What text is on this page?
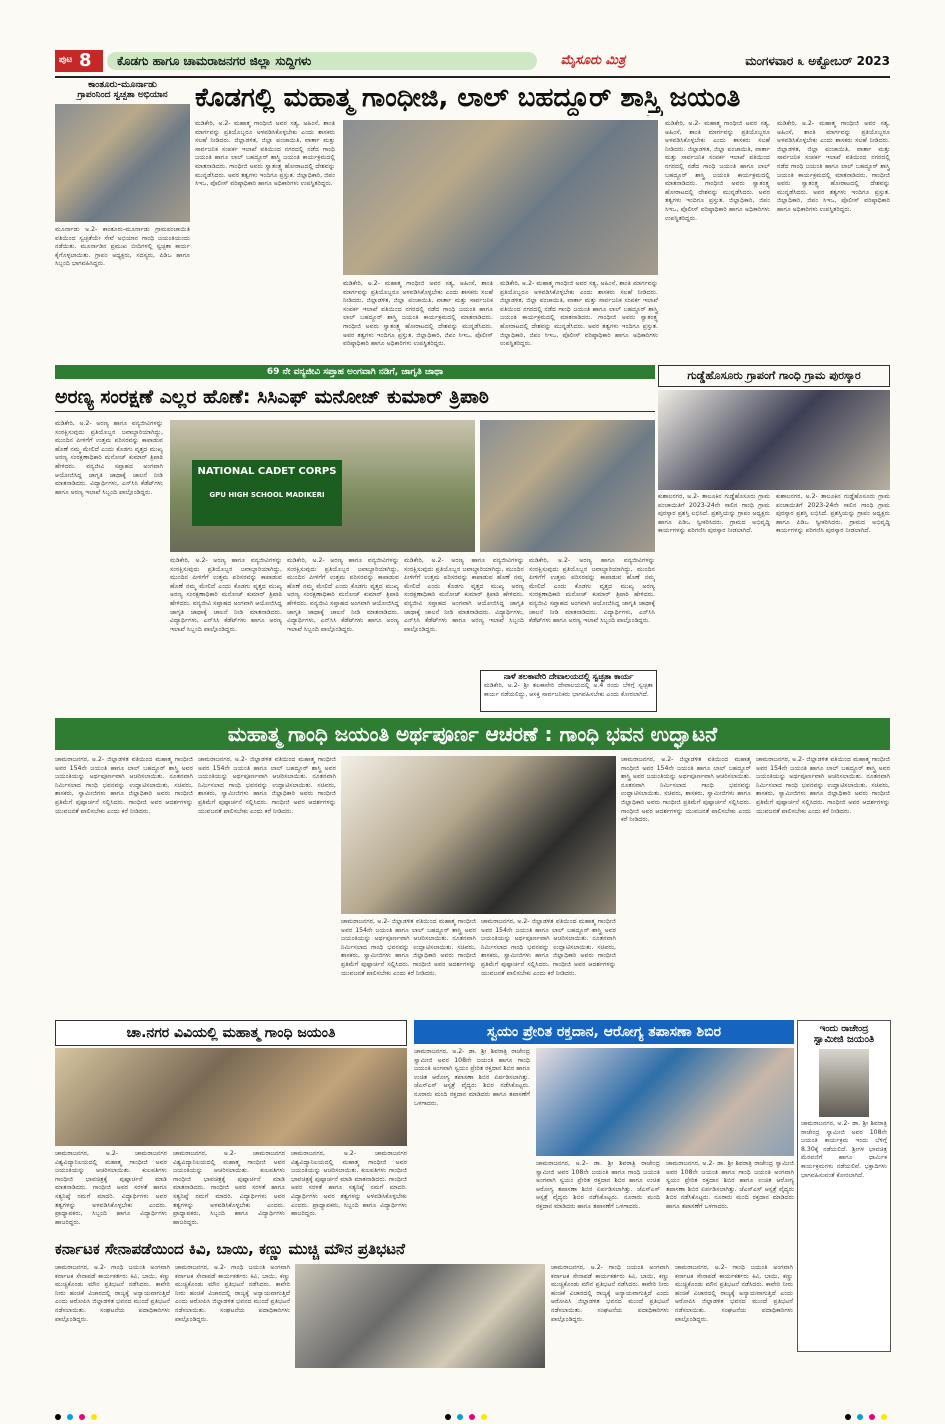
ಪುಟ 8	ಕೊಡಗು ಹಾಗೂ ಚಾಮರಾಜನಗರ ಜಿಲ್ಲಾ ಸುದ್ದಿಗಳು	ಮೈಸೂರು ಮಿತ್ರ	ಮಂಗಳವಾರ ೩ ಅಕ್ಟೋಬರ್ 2023
ಕಾಂತೂರು-ಮೂರ್ನಾಡು
ಗ್ರಾಪಂನಿಂದ ಸ್ವಚ್ಛತಾ ಅಭಿಯಾನ
ಮೂರ್ನಾಡು ಅ.2- ಕಾಂತೂರು-ಮೂರ್ನಾಡು ಗ್ರಾಮಪಂಚಾಯಿತಿ ವತಿಯಿಂದ ಸ್ವಚ್ಛತೆಯೇ ಸೇವೆ ಅಭಿಯಾನ ಗಾಂಧಿ ಜಯಂತಿಯಂದು ನಡೆಯಿತು. ಮೂರ್ನಾಡಿನ ಪ್ರಮುಖ ಬೀದಿಗಳಲ್ಲಿ ಸ್ವಚ್ಛತಾ ಕಾರ್ಯ ಕೈಗೊಳ್ಳಲಾಯಿತು. ಗ್ರಾಪಂ ಅಧ್ಯಕ್ಷರು, ಸದಸ್ಯರು, ಪಿಡಿಒ ಹಾಗೂ ಸಿಬ್ಬಂದಿ ಭಾಗವಹಿಸಿದ್ದರು.
ಕೊಡಗಲ್ಲಿ ಮಹಾತ್ಮ ಗಾಂಧೀಜಿ, ಲಾಲ್ ಬಹದ್ದೂರ್ ಶಾಸ್ತ್ರಿ ಜಯಂತಿ
ಮಡಿಕೇರಿ, ಅ.2- ಮಹಾತ್ಮ ಗಾಂಧೀಜಿ ಅವರ ಸತ್ಯ, ಅಹಿಂಸೆ, ಶಾಂತಿ ಮಾರ್ಗವನ್ನು ಪ್ರತಿಯೊಬ್ಬರೂ ಅಳವಡಿಸಿಕೊಳ್ಳಬೇಕು ಎಂದು ಶಾಸಕರು ಸಲಹೆ ನೀಡಿದರು. ಜಿಲ್ಲಾಡಳಿತ, ಜಿಲ್ಲಾ ಪಂಚಾಯಿತಿ, ವಾರ್ತಾ ಮತ್ತು ಸಾರ್ವಜನಿಕ ಸಂಪರ್ಕ ಇಲಾಖೆ ವತಿಯಿಂದ ನಗರದಲ್ಲಿ ನಡೆದ ಗಾಂಧಿ ಜಯಂತಿ ಹಾಗೂ ಲಾಲ್ ಬಹದ್ದೂರ್ ಶಾಸ್ತ್ರಿ ಜಯಂತಿ ಕಾರ್ಯಕ್ರಮದಲ್ಲಿ ಮಾತನಾಡಿದರು. ಗಾಂಧೀಜಿ ಅವರು ಸ್ವಾತಂತ್ರ್ಯ ಹೋರಾಟದಲ್ಲಿ ದೇಶವನ್ನು ಮುನ್ನಡೆಸಿದರು. ಅವರ ತತ್ವಗಳು ಇಂದಿಗೂ ಪ್ರಸ್ತುತ. ಜಿಲ್ಲಾಧಿಕಾರಿ, ಜಿಪಂ ಸಿಇಒ, ಪೊಲೀಸ್ ವರಿಷ್ಠಾಧಿಕಾರಿ ಹಾಗೂ ಅಧಿಕಾರಿಗಳು ಉಪಸ್ಥಿತರಿದ್ದರು.
ಮಡಿಕೇರಿ, ಅ.2- ಮಹಾತ್ಮ ಗಾಂಧೀಜಿ ಅವರ ಸತ್ಯ, ಅಹಿಂಸೆ, ಶಾಂತಿ ಮಾರ್ಗವನ್ನು ಪ್ರತಿಯೊಬ್ಬರೂ ಅಳವಡಿಸಿಕೊಳ್ಳಬೇಕು ಎಂದು ಶಾಸಕರು ಸಲಹೆ ನೀಡಿದರು. ಜಿಲ್ಲಾಡಳಿತ, ಜಿಲ್ಲಾ ಪಂಚಾಯಿತಿ, ವಾರ್ತಾ ಮತ್ತು ಸಾರ್ವಜನಿಕ ಸಂಪರ್ಕ ಇಲಾಖೆ ವತಿಯಿಂದ ನಗರದಲ್ಲಿ ನಡೆದ ಗಾಂಧಿ ಜಯಂತಿ ಹಾಗೂ ಲಾಲ್ ಬಹದ್ದೂರ್ ಶಾಸ್ತ್ರಿ ಜಯಂತಿ ಕಾರ್ಯಕ್ರಮದಲ್ಲಿ ಮಾತನಾಡಿದರು. ಗಾಂಧೀಜಿ ಅವರು ಸ್ವಾತಂತ್ರ್ಯ ಹೋರಾಟದಲ್ಲಿ ದೇಶವನ್ನು ಮುನ್ನಡೆಸಿದರು. ಅವರ ತತ್ವಗಳು ಇಂದಿಗೂ ಪ್ರಸ್ತುತ. ಜಿಲ್ಲಾಧಿಕಾರಿ, ಜಿಪಂ ಸಿಇಒ, ಪೊಲೀಸ್ ವರಿಷ್ಠಾಧಿಕಾರಿ ಹಾಗೂ ಅಧಿಕಾರಿಗಳು ಉಪಸ್ಥಿತರಿದ್ದರು.
ಮಡಿಕೇರಿ, ಅ.2- ಮಹಾತ್ಮ ಗಾಂಧೀಜಿ ಅವರ ಸತ್ಯ, ಅಹಿಂಸೆ, ಶಾಂತಿ ಮಾರ್ಗವನ್ನು ಪ್ರತಿಯೊಬ್ಬರೂ ಅಳವಡಿಸಿಕೊಳ್ಳಬೇಕು ಎಂದು ಶಾಸಕರು ಸಲಹೆ ನೀಡಿದರು. ಜಿಲ್ಲಾಡಳಿತ, ಜಿಲ್ಲಾ ಪಂಚಾಯಿತಿ, ವಾರ್ತಾ ಮತ್ತು ಸಾರ್ವಜನಿಕ ಸಂಪರ್ಕ ಇಲಾಖೆ ವತಿಯಿಂದ ನಗರದಲ್ಲಿ ನಡೆದ ಗಾಂಧಿ ಜಯಂತಿ ಹಾಗೂ ಲಾಲ್ ಬಹದ್ದೂರ್ ಶಾಸ್ತ್ರಿ ಜಯಂತಿ ಕಾರ್ಯಕ್ರಮದಲ್ಲಿ ಮಾತನಾಡಿದರು. ಗಾಂಧೀಜಿ ಅವರು ಸ್ವಾತಂತ್ರ್ಯ ಹೋರಾಟದಲ್ಲಿ ದೇಶವನ್ನು ಮುನ್ನಡೆಸಿದರು. ಅವರ ತತ್ವಗಳು ಇಂದಿಗೂ ಪ್ರಸ್ತುತ. ಜಿಲ್ಲಾಧಿಕಾರಿ, ಜಿಪಂ ಸಿಇಒ, ಪೊಲೀಸ್ ವರಿಷ್ಠಾಧಿಕಾರಿ ಹಾಗೂ ಅಧಿಕಾರಿಗಳು ಉಪಸ್ಥಿತರಿದ್ದರು.
ಮಡಿಕೇರಿ, ಅ.2- ಮಹಾತ್ಮ ಗಾಂಧೀಜಿ ಅವರ ಸತ್ಯ, ಅಹಿಂಸೆ, ಶಾಂತಿ ಮಾರ್ಗವನ್ನು ಪ್ರತಿಯೊಬ್ಬರೂ ಅಳವಡಿಸಿಕೊಳ್ಳಬೇಕು ಎಂದು ಶಾಸಕರು ಸಲಹೆ ನೀಡಿದರು. ಜಿಲ್ಲಾಡಳಿತ, ಜಿಲ್ಲಾ ಪಂಚಾಯಿತಿ, ವಾರ್ತಾ ಮತ್ತು ಸಾರ್ವಜನಿಕ ಸಂಪರ್ಕ ಇಲಾಖೆ ವತಿಯಿಂದ ನಗರದಲ್ಲಿ ನಡೆದ ಗಾಂಧಿ ಜಯಂತಿ ಹಾಗೂ ಲಾಲ್ ಬಹದ್ದೂರ್ ಶಾಸ್ತ್ರಿ ಜಯಂತಿ ಕಾರ್ಯಕ್ರಮದಲ್ಲಿ ಮಾತನಾಡಿದರು. ಗಾಂಧೀಜಿ ಅವರು ಸ್ವಾತಂತ್ರ್ಯ ಹೋರಾಟದಲ್ಲಿ ದೇಶವನ್ನು ಮುನ್ನಡೆಸಿದರು. ಅವರ ತತ್ವಗಳು ಇಂದಿಗೂ ಪ್ರಸ್ತುತ. ಜಿಲ್ಲಾಧಿಕಾರಿ, ಜಿಪಂ ಸಿಇಒ, ಪೊಲೀಸ್ ವರಿಷ್ಠಾಧಿಕಾರಿ ಹಾಗೂ ಅಧಿಕಾರಿಗಳು ಉಪಸ್ಥಿತರಿದ್ದರು.
ಮಡಿಕೇರಿ, ಅ.2- ಮಹಾತ್ಮ ಗಾಂಧೀಜಿ ಅವರ ಸತ್ಯ, ಅಹಿಂಸೆ, ಶಾಂತಿ ಮಾರ್ಗವನ್ನು ಪ್ರತಿಯೊಬ್ಬರೂ ಅಳವಡಿಸಿಕೊಳ್ಳಬೇಕು ಎಂದು ಶಾಸಕರು ಸಲಹೆ ನೀಡಿದರು. ಜಿಲ್ಲಾಡಳಿತ, ಜಿಲ್ಲಾ ಪಂಚಾಯಿತಿ, ವಾರ್ತಾ ಮತ್ತು ಸಾರ್ವಜನಿಕ ಸಂಪರ್ಕ ಇಲಾಖೆ ವತಿಯಿಂದ ನಗರದಲ್ಲಿ ನಡೆದ ಗಾಂಧಿ ಜಯಂತಿ ಹಾಗೂ ಲಾಲ್ ಬಹದ್ದೂರ್ ಶಾಸ್ತ್ರಿ ಜಯಂತಿ ಕಾರ್ಯಕ್ರಮದಲ್ಲಿ ಮಾತನಾಡಿದರು. ಗಾಂಧೀಜಿ ಅವರು ಸ್ವಾತಂತ್ರ್ಯ ಹೋರಾಟದಲ್ಲಿ ದೇಶವನ್ನು ಮುನ್ನಡೆಸಿದರು. ಅವರ ತತ್ವಗಳು ಇಂದಿಗೂ ಪ್ರಸ್ತುತ. ಜಿಲ್ಲಾಧಿಕಾರಿ, ಜಿಪಂ ಸಿಇಒ, ಪೊಲೀಸ್ ವರಿಷ್ಠಾಧಿಕಾರಿ ಹಾಗೂ ಅಧಿಕಾರಿಗಳು ಉಪಸ್ಥಿತರಿದ್ದರು.
69 ನೇ ವನ್ಯಜೀವಿ ಸಪ್ತಾಹ ಅಂಗವಾಗಿ ನಡಿಗೆ, ಜಾಗೃತಿ ಜಾಥಾ
ಅರಣ್ಯ ಸಂರಕ್ಷಣೆ ಎಲ್ಲರ ಹೊಣೆ: ಸಿಸಿಎಫ್ ಮನೋಜ್ ಕುಮಾರ್ ತ್ರಿಪಾಠಿ
ಮಡಿಕೇರಿ, ಅ.2- ಅರಣ್ಯ ಹಾಗೂ ವನ್ಯಜೀವಿಗಳನ್ನು ಸಂರಕ್ಷಿಸುವುದು ಪ್ರತಿಯೊಬ್ಬರ ಜವಾಬ್ದಾರಿಯಾಗಿದ್ದು, ಮುಂದಿನ ಪೀಳಿಗೆಗೆ ಉತ್ತಮ ಪರಿಸರವನ್ನು ಕಾಪಾಡುವ ಹೊಣೆ ನಮ್ಮ ಮೇಲಿದೆ ಎಂದು ಕೊಡಗು ವೃತ್ತದ ಮುಖ್ಯ ಅರಣ್ಯ ಸಂರಕ್ಷಣಾಧಿಕಾರಿ ಮನೋಜ್ ಕುಮಾರ್ ತ್ರಿಪಾಠಿ ಹೇಳಿದರು. ವನ್ಯಜೀವಿ ಸಪ್ತಾಹದ ಅಂಗವಾಗಿ ಆಯೋಜಿಸಿದ್ದ ಜಾಗೃತಿ ಜಾಥಾಕ್ಕೆ ಚಾಲನೆ ನೀಡಿ ಮಾತನಾಡಿದರು. ವಿದ್ಯಾರ್ಥಿಗಳು, ಎನ್‌ಸಿಸಿ ಕೆಡೆಟ್‌ಗಳು ಹಾಗೂ ಅರಣ್ಯ ಇಲಾಖೆ ಸಿಬ್ಬಂದಿ ಪಾಲ್ಗೊಂಡಿದ್ದರು.
NATIONAL CADET CORPS
GPU HIGH SCHOOL MADIKERI
ಮಡಿಕೇರಿ, ಅ.2- ಅರಣ್ಯ ಹಾಗೂ ವನ್ಯಜೀವಿಗಳನ್ನು ಸಂರಕ್ಷಿಸುವುದು ಪ್ರತಿಯೊಬ್ಬರ ಜವಾಬ್ದಾರಿಯಾಗಿದ್ದು, ಮುಂದಿನ ಪೀಳಿಗೆಗೆ ಉತ್ತಮ ಪರಿಸರವನ್ನು ಕಾಪಾಡುವ ಹೊಣೆ ನಮ್ಮ ಮೇಲಿದೆ ಎಂದು ಕೊಡಗು ವೃತ್ತದ ಮುಖ್ಯ ಅರಣ್ಯ ಸಂರಕ್ಷಣಾಧಿಕಾರಿ ಮನೋಜ್ ಕುಮಾರ್ ತ್ರಿಪಾಠಿ ಹೇಳಿದರು. ವನ್ಯಜೀವಿ ಸಪ್ತಾಹದ ಅಂಗವಾಗಿ ಆಯೋಜಿಸಿದ್ದ ಜಾಗೃತಿ ಜಾಥಾಕ್ಕೆ ಚಾಲನೆ ನೀಡಿ ಮಾತನಾಡಿದರು. ವಿದ್ಯಾರ್ಥಿಗಳು, ಎನ್‌ಸಿಸಿ ಕೆಡೆಟ್‌ಗಳು ಹಾಗೂ ಅರಣ್ಯ ಇಲಾಖೆ ಸಿಬ್ಬಂದಿ ಪಾಲ್ಗೊಂಡಿದ್ದರು.
ಮಡಿಕೇರಿ, ಅ.2- ಅರಣ್ಯ ಹಾಗೂ ವನ್ಯಜೀವಿಗಳನ್ನು ಸಂರಕ್ಷಿಸುವುದು ಪ್ರತಿಯೊಬ್ಬರ ಜವಾಬ್ದಾರಿಯಾಗಿದ್ದು, ಮುಂದಿನ ಪೀಳಿಗೆಗೆ ಉತ್ತಮ ಪರಿಸರವನ್ನು ಕಾಪಾಡುವ ಹೊಣೆ ನಮ್ಮ ಮೇಲಿದೆ ಎಂದು ಕೊಡಗು ವೃತ್ತದ ಮುಖ್ಯ ಅರಣ್ಯ ಸಂರಕ್ಷಣಾಧಿಕಾರಿ ಮನೋಜ್ ಕುಮಾರ್ ತ್ರಿಪಾಠಿ ಹೇಳಿದರು. ವನ್ಯಜೀವಿ ಸಪ್ತಾಹದ ಅಂಗವಾಗಿ ಆಯೋಜಿಸಿದ್ದ ಜಾಗೃತಿ ಜಾಥಾಕ್ಕೆ ಚಾಲನೆ ನೀಡಿ ಮಾತನಾಡಿದರು. ವಿದ್ಯಾರ್ಥಿಗಳು, ಎನ್‌ಸಿಸಿ ಕೆಡೆಟ್‌ಗಳು ಹಾಗೂ ಅರಣ್ಯ ಇಲಾಖೆ ಸಿಬ್ಬಂದಿ ಪಾಲ್ಗೊಂಡಿದ್ದರು.
ಮಡಿಕೇರಿ, ಅ.2- ಅರಣ್ಯ ಹಾಗೂ ವನ್ಯಜೀವಿಗಳನ್ನು ಸಂರಕ್ಷಿಸುವುದು ಪ್ರತಿಯೊಬ್ಬರ ಜವಾಬ್ದಾರಿಯಾಗಿದ್ದು, ಮುಂದಿನ ಪೀಳಿಗೆಗೆ ಉತ್ತಮ ಪರಿಸರವನ್ನು ಕಾಪಾಡುವ ಹೊಣೆ ನಮ್ಮ ಮೇಲಿದೆ ಎಂದು ಕೊಡಗು ವೃತ್ತದ ಮುಖ್ಯ ಅರಣ್ಯ ಸಂರಕ್ಷಣಾಧಿಕಾರಿ ಮನೋಜ್ ಕುಮಾರ್ ತ್ರಿಪಾಠಿ ಹೇಳಿದರು. ವನ್ಯಜೀವಿ ಸಪ್ತಾಹದ ಅಂಗವಾಗಿ ಆಯೋಜಿಸಿದ್ದ ಜಾಗೃತಿ ಜಾಥಾಕ್ಕೆ ಚಾಲನೆ ನೀಡಿ ಮಾತನಾಡಿದರು. ವಿದ್ಯಾರ್ಥಿಗಳು, ಎನ್‌ಸಿಸಿ ಕೆಡೆಟ್‌ಗಳು ಹಾಗೂ ಅರಣ್ಯ ಇಲಾಖೆ ಸಿಬ್ಬಂದಿ ಪಾಲ್ಗೊಂಡಿದ್ದರು.
ಮಡಿಕೇರಿ, ಅ.2- ಅರಣ್ಯ ಹಾಗೂ ವನ್ಯಜೀವಿಗಳನ್ನು ಸಂರಕ್ಷಿಸುವುದು ಪ್ರತಿಯೊಬ್ಬರ ಜವಾಬ್ದಾರಿಯಾಗಿದ್ದು, ಮುಂದಿನ ಪೀಳಿಗೆಗೆ ಉತ್ತಮ ಪರಿಸರವನ್ನು ಕಾಪಾಡುವ ಹೊಣೆ ನಮ್ಮ ಮೇಲಿದೆ ಎಂದು ಕೊಡಗು ವೃತ್ತದ ಮುಖ್ಯ ಅರಣ್ಯ ಸಂರಕ್ಷಣಾಧಿಕಾರಿ ಮನೋಜ್ ಕುಮಾರ್ ತ್ರಿಪಾಠಿ ಹೇಳಿದರು. ವನ್ಯಜೀವಿ ಸಪ್ತಾಹದ ಅಂಗವಾಗಿ ಆಯೋಜಿಸಿದ್ದ ಜಾಗೃತಿ ಜಾಥಾಕ್ಕೆ ಚಾಲನೆ ನೀಡಿ ಮಾತನಾಡಿದರು. ವಿದ್ಯಾರ್ಥಿಗಳು, ಎನ್‌ಸಿಸಿ ಕೆಡೆಟ್‌ಗಳು ಹಾಗೂ ಅರಣ್ಯ ಇಲಾಖೆ ಸಿಬ್ಬಂದಿ ಪಾಲ್ಗೊಂಡಿದ್ದರು.
ಗುಡ್ಡೆಹೊಸೂರು ಗ್ರಾಪಂಗೆ ಗಾಂಧಿ ಗ್ರಾಮ ಪುರಸ್ಕಾರ
ಕುಶಾಲನಗರ, ಅ.2- ತಾಲೂಕಿನ ಗುಡ್ಡೆಹೊಸೂರು ಗ್ರಾಮ ಪಂಚಾಯಿತಿಗೆ 2023-24ನೇ ಸಾಲಿನ ಗಾಂಧಿ ಗ್ರಾಮ ಪುರಸ್ಕಾರ ಪ್ರಶಸ್ತಿ ಲಭಿಸಿದೆ. ಪ್ರಶಸ್ತಿಯನ್ನು ಗ್ರಾಪಂ ಅಧ್ಯಕ್ಷರು ಹಾಗೂ ಪಿಡಿಒ ಸ್ವೀಕರಿಸಿದರು. ಗ್ರಾಮದ ಅಭಿವೃದ್ಧಿ ಕಾರ್ಯಗಳನ್ನು ಪರಿಗಣಿಸಿ ಪುರಸ್ಕಾರ ನೀಡಲಾಗಿದೆ.
ಕುಶಾಲನಗರ, ಅ.2- ತಾಲೂಕಿನ ಗುಡ್ಡೆಹೊಸೂರು ಗ್ರಾಮ ಪಂಚಾಯಿತಿಗೆ 2023-24ನೇ ಸಾಲಿನ ಗಾಂಧಿ ಗ್ರಾಮ ಪುರಸ್ಕಾರ ಪ್ರಶಸ್ತಿ ಲಭಿಸಿದೆ. ಪ್ರಶಸ್ತಿಯನ್ನು ಗ್ರಾಪಂ ಅಧ್ಯಕ್ಷರು ಹಾಗೂ ಪಿಡಿಒ ಸ್ವೀಕರಿಸಿದರು. ಗ್ರಾಮದ ಅಭಿವೃದ್ಧಿ ಕಾರ್ಯಗಳನ್ನು ಪರಿಗಣಿಸಿ ಪುರಸ್ಕಾರ ನೀಡಲಾಗಿದೆ.
ನಾಳೆ ತಲಕಾವೇರಿ ದೇವಾಲಯದಲ್ಲಿ ಸ್ವಚ್ಛತಾ ಕಾರ್ಯ
ಮಡಿಕೇರಿ, ಅ.2- ಶ್ರೀ ತಲಕಾವೇರಿ ದೇವಾಲಯದಲ್ಲಿ ಅ.4 ರಂದು ಬೆಳಿಗ್ಗೆ ಸ್ವಚ್ಛತಾ ಕಾರ್ಯ ನಡೆಯಲಿದ್ದು, ಆಸಕ್ತ ಸಾರ್ವಜನಿಕರು ಭಾಗವಹಿಸಬೇಕು ಎಂದು ಕೋರಲಾಗಿದೆ.
ಮಹಾತ್ಮ ಗಾಂಧಿ ಜಯಂತಿ ಅರ್ಥಪೂರ್ಣ ಆಚರಣೆ : ಗಾಂಧಿ ಭವನ ಉದ್ಘಾಟನೆ
ಚಾಮರಾಜನಗರ, ಅ.2- ಜಿಲ್ಲಾಡಳಿತ ವತಿಯಿಂದ ಮಹಾತ್ಮ ಗಾಂಧೀಜಿ ಅವರ 154ನೇ ಜಯಂತಿ ಹಾಗೂ ಲಾಲ್ ಬಹದ್ದೂರ್ ಶಾಸ್ತ್ರಿ ಅವರ ಜಯಂತಿಯನ್ನು ಅರ್ಥಪೂರ್ಣವಾಗಿ ಆಚರಿಸಲಾಯಿತು. ನೂತನವಾಗಿ ನಿರ್ಮಿಸಲಾದ ಗಾಂಧಿ ಭವನವನ್ನು ಉದ್ಘಾಟಿಸಲಾಯಿತು. ಸಚಿವರು, ಶಾಸಕರು, ಸ್ವಾಮೀಜಿಗಳು ಹಾಗೂ ಜಿಲ್ಲಾಧಿಕಾರಿ ಅವರು ಗಾಂಧೀಜಿ ಪ್ರತಿಮೆಗೆ ಪುಷ್ಪಾರ್ಚನೆ ಸಲ್ಲಿಸಿದರು. ಗಾಂಧೀಜಿ ಅವರ ಆದರ್ಶಗಳನ್ನು ಯುವಜನತೆ ಪಾಲಿಸಬೇಕು ಎಂದು ಕರೆ ನೀಡಿದರು.
ಚಾಮರಾಜನಗರ, ಅ.2- ಜಿಲ್ಲಾಡಳಿತ ವತಿಯಿಂದ ಮಹಾತ್ಮ ಗಾಂಧೀಜಿ ಅವರ 154ನೇ ಜಯಂತಿ ಹಾಗೂ ಲಾಲ್ ಬಹದ್ದೂರ್ ಶಾಸ್ತ್ರಿ ಅವರ ಜಯಂತಿಯನ್ನು ಅರ್ಥಪೂರ್ಣವಾಗಿ ಆಚರಿಸಲಾಯಿತು. ನೂತನವಾಗಿ ನಿರ್ಮಿಸಲಾದ ಗಾಂಧಿ ಭವನವನ್ನು ಉದ್ಘಾಟಿಸಲಾಯಿತು. ಸಚಿವರು, ಶಾಸಕರು, ಸ್ವಾಮೀಜಿಗಳು ಹಾಗೂ ಜಿಲ್ಲಾಧಿಕಾರಿ ಅವರು ಗಾಂಧೀಜಿ ಪ್ರತಿಮೆಗೆ ಪುಷ್ಪಾರ್ಚನೆ ಸಲ್ಲಿಸಿದರು. ಗಾಂಧೀಜಿ ಅವರ ಆದರ್ಶಗಳನ್ನು ಯುವಜನತೆ ಪಾಲಿಸಬೇಕು ಎಂದು ಕರೆ ನೀಡಿದರು.
ಚಾಮರಾಜನಗರ, ಅ.2- ಜಿಲ್ಲಾಡಳಿತ ವತಿಯಿಂದ ಮಹಾತ್ಮ ಗಾಂಧೀಜಿ ಅವರ 154ನೇ ಜಯಂತಿ ಹಾಗೂ ಲಾಲ್ ಬಹದ್ದೂರ್ ಶಾಸ್ತ್ರಿ ಅವರ ಜಯಂತಿಯನ್ನು ಅರ್ಥಪೂರ್ಣವಾಗಿ ಆಚರಿಸಲಾಯಿತು. ನೂತನವಾಗಿ ನಿರ್ಮಿಸಲಾದ ಗಾಂಧಿ ಭವನವನ್ನು ಉದ್ಘಾಟಿಸಲಾಯಿತು. ಸಚಿವರು, ಶಾಸಕರು, ಸ್ವಾಮೀಜಿಗಳು ಹಾಗೂ ಜಿಲ್ಲಾಧಿಕಾರಿ ಅವರು ಗಾಂಧೀಜಿ ಪ್ರತಿಮೆಗೆ ಪುಷ್ಪಾರ್ಚನೆ ಸಲ್ಲಿಸಿದರು. ಗಾಂಧೀಜಿ ಅವರ ಆದರ್ಶಗಳನ್ನು ಯುವಜನತೆ ಪಾಲಿಸಬೇಕು ಎಂದು ಕರೆ ನೀಡಿದರು.
ಚಾಮರಾಜನಗರ, ಅ.2- ಜಿಲ್ಲಾಡಳಿತ ವತಿಯಿಂದ ಮಹಾತ್ಮ ಗಾಂಧೀಜಿ ಅವರ 154ನೇ ಜಯಂತಿ ಹಾಗೂ ಲಾಲ್ ಬಹದ್ದೂರ್ ಶಾಸ್ತ್ರಿ ಅವರ ಜಯಂತಿಯನ್ನು ಅರ್ಥಪೂರ್ಣವಾಗಿ ಆಚರಿಸಲಾಯಿತು. ನೂತನವಾಗಿ ನಿರ್ಮಿಸಲಾದ ಗಾಂಧಿ ಭವನವನ್ನು ಉದ್ಘಾಟಿಸಲಾಯಿತು. ಸಚಿವರು, ಶಾಸಕರು, ಸ್ವಾಮೀಜಿಗಳು ಹಾಗೂ ಜಿಲ್ಲಾಧಿಕಾರಿ ಅವರು ಗಾಂಧೀಜಿ ಪ್ರತಿಮೆಗೆ ಪುಷ್ಪಾರ್ಚನೆ ಸಲ್ಲಿಸಿದರು. ಗಾಂಧೀಜಿ ಅವರ ಆದರ್ಶಗಳನ್ನು ಯುವಜನತೆ ಪಾಲಿಸಬೇಕು ಎಂದು ಕರೆ ನೀಡಿದರು.
ಚಾಮರಾಜನಗರ, ಅ.2- ಜಿಲ್ಲಾಡಳಿತ ವತಿಯಿಂದ ಮಹಾತ್ಮ ಗಾಂಧೀಜಿ ಅವರ 154ನೇ ಜಯಂತಿ ಹಾಗೂ ಲಾಲ್ ಬಹದ್ದೂರ್ ಶಾಸ್ತ್ರಿ ಅವರ ಜಯಂತಿಯನ್ನು ಅರ್ಥಪೂರ್ಣವಾಗಿ ಆಚರಿಸಲಾಯಿತು. ನೂತನವಾಗಿ ನಿರ್ಮಿಸಲಾದ ಗಾಂಧಿ ಭವನವನ್ನು ಉದ್ಘಾಟಿಸಲಾಯಿತು. ಸಚಿವರು, ಶಾಸಕರು, ಸ್ವಾಮೀಜಿಗಳು ಹಾಗೂ ಜಿಲ್ಲಾಧಿಕಾರಿ ಅವರು ಗಾಂಧೀಜಿ ಪ್ರತಿಮೆಗೆ ಪುಷ್ಪಾರ್ಚನೆ ಸಲ್ಲಿಸಿದರು. ಗಾಂಧೀಜಿ ಅವರ ಆದರ್ಶಗಳನ್ನು ಯುವಜನತೆ ಪಾಲಿಸಬೇಕು ಎಂದು ಕರೆ ನೀಡಿದರು.
ಚಾಮರಾಜನಗರ, ಅ.2- ಜಿಲ್ಲಾಡಳಿತ ವತಿಯಿಂದ ಮಹಾತ್ಮ ಗಾಂಧೀಜಿ ಅವರ 154ನೇ ಜಯಂತಿ ಹಾಗೂ ಲಾಲ್ ಬಹದ್ದೂರ್ ಶಾಸ್ತ್ರಿ ಅವರ ಜಯಂತಿಯನ್ನು ಅರ್ಥಪೂರ್ಣವಾಗಿ ಆಚರಿಸಲಾಯಿತು. ನೂತನವಾಗಿ ನಿರ್ಮಿಸಲಾದ ಗಾಂಧಿ ಭವನವನ್ನು ಉದ್ಘಾಟಿಸಲಾಯಿತು. ಸಚಿವರು, ಶಾಸಕರು, ಸ್ವಾಮೀಜಿಗಳು ಹಾಗೂ ಜಿಲ್ಲಾಧಿಕಾರಿ ಅವರು ಗಾಂಧೀಜಿ ಪ್ರತಿಮೆಗೆ ಪುಷ್ಪಾರ್ಚನೆ ಸಲ್ಲಿಸಿದರು. ಗಾಂಧೀಜಿ ಅವರ ಆದರ್ಶಗಳನ್ನು ಯುವಜನತೆ ಪಾಲಿಸಬೇಕು ಎಂದು ಕರೆ ನೀಡಿದರು.
ಚಾ.ನಗರ ವಿವಿಯಲ್ಲಿ ಮಹಾತ್ಮ ಗಾಂಧಿ ಜಯಂತಿ
ಚಾಮರಾಜನಗರ, ಅ.2- ಚಾಮರಾಜನಗರ ವಿಶ್ವವಿದ್ಯಾನಿಲಯದಲ್ಲಿ ಮಹಾತ್ಮ ಗಾಂಧೀಜಿ ಅವರ ಜಯಂತಿಯನ್ನು ಆಚರಿಸಲಾಯಿತು. ಕುಲಪತಿಗಳು ಗಾಂಧೀಜಿ ಭಾವಚಿತ್ರಕ್ಕೆ ಪುಷ್ಪಾರ್ಚನೆ ಮಾಡಿ ಮಾತನಾಡಿದರು. ಗಾಂಧೀಜಿ ಅವರ ಸರಳತೆ ಹಾಗೂ ಸತ್ಯನಿಷ್ಠೆ ನಮಗೆ ಮಾದರಿ. ವಿದ್ಯಾರ್ಥಿಗಳು ಅವರ ತತ್ವಗಳನ್ನು ಅಳವಡಿಸಿಕೊಳ್ಳಬೇಕು ಎಂದರು. ಪ್ರಾಧ್ಯಾಪಕರು, ಸಿಬ್ಬಂದಿ ಹಾಗೂ ವಿದ್ಯಾರ್ಥಿಗಳು ಹಾಜರಿದ್ದರು.
ಚಾಮರಾಜನಗರ, ಅ.2- ಚಾಮರಾಜನಗರ ವಿಶ್ವವಿದ್ಯಾನಿಲಯದಲ್ಲಿ ಮಹಾತ್ಮ ಗಾಂಧೀಜಿ ಅವರ ಜಯಂತಿಯನ್ನು ಆಚರಿಸಲಾಯಿತು. ಕುಲಪತಿಗಳು ಗಾಂಧೀಜಿ ಭಾವಚಿತ್ರಕ್ಕೆ ಪುಷ್ಪಾರ್ಚನೆ ಮಾಡಿ ಮಾತನಾಡಿದರು. ಗಾಂಧೀಜಿ ಅವರ ಸರಳತೆ ಹಾಗೂ ಸತ್ಯನಿಷ್ಠೆ ನಮಗೆ ಮಾದರಿ. ವಿದ್ಯಾರ್ಥಿಗಳು ಅವರ ತತ್ವಗಳನ್ನು ಅಳವಡಿಸಿಕೊಳ್ಳಬೇಕು ಎಂದರು. ಪ್ರಾಧ್ಯಾಪಕರು, ಸಿಬ್ಬಂದಿ ಹಾಗೂ ವಿದ್ಯಾರ್ಥಿಗಳು ಹಾಜರಿದ್ದರು.
ಚಾಮರಾಜನಗರ, ಅ.2- ಚಾಮರಾಜನಗರ ವಿಶ್ವವಿದ್ಯಾನಿಲಯದಲ್ಲಿ ಮಹಾತ್ಮ ಗಾಂಧೀಜಿ ಅವರ ಜಯಂತಿಯನ್ನು ಆಚರಿಸಲಾಯಿತು. ಕುಲಪತಿಗಳು ಗಾಂಧೀಜಿ ಭಾವಚಿತ್ರಕ್ಕೆ ಪುಷ್ಪಾರ್ಚನೆ ಮಾಡಿ ಮಾತನಾಡಿದರು. ಗಾಂಧೀಜಿ ಅವರ ಸರಳತೆ ಹಾಗೂ ಸತ್ಯನಿಷ್ಠೆ ನಮಗೆ ಮಾದರಿ. ವಿದ್ಯಾರ್ಥಿಗಳು ಅವರ ತತ್ವಗಳನ್ನು ಅಳವಡಿಸಿಕೊಳ್ಳಬೇಕು ಎಂದರು. ಪ್ರಾಧ್ಯಾಪಕರು, ಸಿಬ್ಬಂದಿ ಹಾಗೂ ವಿದ್ಯಾರ್ಥಿಗಳು ಹಾಜರಿದ್ದರು.
ಸ್ವಯಂ ಪ್ರೇರಿತ ರಕ್ತದಾನ, ಆರೋಗ್ಯ ತಪಾಸಣಾ ಶಿಬಿರ
ಚಾಮರಾಜನಗರ, ಅ.2- ಡಾ. ಶ್ರೀ ಶಿವರಾತ್ರಿ ರಾಜೇಂದ್ರ ಸ್ವಾಮೀಜಿ ಅವರ 108ನೇ ಜಯಂತಿ ಹಾಗೂ ಗಾಂಧಿ ಜಯಂತಿ ಅಂಗವಾಗಿ ಸ್ವಯಂ ಪ್ರೇರಿತ ರಕ್ತದಾನ ಶಿಬಿರ ಹಾಗೂ ಉಚಿತ ಆರೋಗ್ಯ ತಪಾಸಣಾ ಶಿಬಿರ ಏರ್ಪಡಿಸಲಾಗಿತ್ತು. ಜೆಎಸ್‌ಎಸ್ ಆಸ್ಪತ್ರೆ ವೈದ್ಯರು ಶಿಬಿರ ನಡೆಸಿಕೊಟ್ಟರು. ನೂರಾರು ಮಂದಿ ರಕ್ತದಾನ ಮಾಡಿದರು ಹಾಗೂ ತಪಾಸಣೆಗೆ ಒಳಗಾದರು.
ಚಾಮರಾಜನಗರ, ಅ.2- ಡಾ. ಶ್ರೀ ಶಿವರಾತ್ರಿ ರಾಜೇಂದ್ರ ಸ್ವಾಮೀಜಿ ಅವರ 108ನೇ ಜಯಂತಿ ಹಾಗೂ ಗಾಂಧಿ ಜಯಂತಿ ಅಂಗವಾಗಿ ಸ್ವಯಂ ಪ್ರೇರಿತ ರಕ್ತದಾನ ಶಿಬಿರ ಹಾಗೂ ಉಚಿತ ಆರೋಗ್ಯ ತಪಾಸಣಾ ಶಿಬಿರ ಏರ್ಪಡಿಸಲಾಗಿತ್ತು. ಜೆಎಸ್‌ಎಸ್ ಆಸ್ಪತ್ರೆ ವೈದ್ಯರು ಶಿಬಿರ ನಡೆಸಿಕೊಟ್ಟರು. ನೂರಾರು ಮಂದಿ ರಕ್ತದಾನ ಮಾಡಿದರು ಹಾಗೂ ತಪಾಸಣೆಗೆ ಒಳಗಾದರು.
ಚಾಮರಾಜನಗರ, ಅ.2- ಡಾ. ಶ್ರೀ ಶಿವರಾತ್ರಿ ರಾಜೇಂದ್ರ ಸ್ವಾಮೀಜಿ ಅವರ 108ನೇ ಜಯಂತಿ ಹಾಗೂ ಗಾಂಧಿ ಜಯಂತಿ ಅಂಗವಾಗಿ ಸ್ವಯಂ ಪ್ರೇರಿತ ರಕ್ತದಾನ ಶಿಬಿರ ಹಾಗೂ ಉಚಿತ ಆರೋಗ್ಯ ತಪಾಸಣಾ ಶಿಬಿರ ಏರ್ಪಡಿಸಲಾಗಿತ್ತು. ಜೆಎಸ್‌ಎಸ್ ಆಸ್ಪತ್ರೆ ವೈದ್ಯರು ಶಿಬಿರ ನಡೆಸಿಕೊಟ್ಟರು. ನೂರಾರು ಮಂದಿ ರಕ್ತದಾನ ಮಾಡಿದರು ಹಾಗೂ ತಪಾಸಣೆಗೆ ಒಳಗಾದರು.
ಇಂದು ರಾಜೇಂದ್ರ
ಸ್ವಾಮೀಜಿ ಜಯಂತಿ
ಚಾಮರಾಜನಗರ, ಅ.2- ಡಾ. ಶ್ರೀ ಶಿವರಾತ್ರಿ ರಾಜೇಂದ್ರ ಸ್ವಾಮೀಜಿ ಅವರ 108ನೇ ಜಯಂತಿ ಕಾರ್ಯಕ್ರಮ ಇಂದು ಬೆಳಿಗ್ಗೆ 8.30ಕ್ಕೆ ನಡೆಯಲಿದೆ. ಶ್ರೀಗಳ ಭಾವಚಿತ್ರ ಮೆರವಣಿಗೆ ಹಾಗೂ ಧಾರ್ಮಿಕ ಕಾರ್ಯಕ್ರಮಗಳು ನಡೆಯಲಿವೆ. ಭಕ್ತಾದಿಗಳು ಭಾಗವಹಿಸುವಂತೆ ಕೋರಲಾಗಿದೆ.
ಕರ್ನಾಟಕ ಸೇನಾಪಡೆಯಿಂದ ಕಿವಿ, ಬಾಯಿ, ಕಣ್ಣು ಮುಚ್ಚಿ ಮೌನ ಪ್ರತಿಭಟನೆ
ಚಾಮರಾಜನಗರ, ಅ.2- ಗಾಂಧಿ ಜಯಂತಿ ಅಂಗವಾಗಿ ಕರ್ನಾಟಕ ಸೇನಾಪಡೆ ಕಾರ್ಯಕರ್ತರು ಕಿವಿ, ಬಾಯಿ, ಕಣ್ಣು ಮುಚ್ಚಿಕೊಂಡು ಮೌನ ಪ್ರತಿಭಟನೆ ನಡೆಸಿದರು. ಕಾವೇರಿ ನೀರು ಹಂಚಿಕೆ ವಿಚಾರದಲ್ಲಿ ರಾಜ್ಯಕ್ಕೆ ಅನ್ಯಾಯವಾಗುತ್ತಿದೆ ಎಂದು ಆರೋಪಿಸಿ ಜಿಲ್ಲಾಡಳಿತ ಭವನದ ಮುಂದೆ ಪ್ರತಿಭಟನೆ ನಡೆಸಲಾಯಿತು. ಸಂಘಟನೆಯ ಪದಾಧಿಕಾರಿಗಳು ಪಾಲ್ಗೊಂಡಿದ್ದರು.
ಚಾಮರಾಜನಗರ, ಅ.2- ಗಾಂಧಿ ಜಯಂತಿ ಅಂಗವಾಗಿ ಕರ್ನಾಟಕ ಸೇನಾಪಡೆ ಕಾರ್ಯಕರ್ತರು ಕಿವಿ, ಬಾಯಿ, ಕಣ್ಣು ಮುಚ್ಚಿಕೊಂಡು ಮೌನ ಪ್ರತಿಭಟನೆ ನಡೆಸಿದರು. ಕಾವೇರಿ ನೀರು ಹಂಚಿಕೆ ವಿಚಾರದಲ್ಲಿ ರಾಜ್ಯಕ್ಕೆ ಅನ್ಯಾಯವಾಗುತ್ತಿದೆ ಎಂದು ಆರೋಪಿಸಿ ಜಿಲ್ಲಾಡಳಿತ ಭವನದ ಮುಂದೆ ಪ್ರತಿಭಟನೆ ನಡೆಸಲಾಯಿತು. ಸಂಘಟನೆಯ ಪದಾಧಿಕಾರಿಗಳು ಪಾಲ್ಗೊಂಡಿದ್ದರು.
ಚಾಮರಾಜನಗರ, ಅ.2- ಗಾಂಧಿ ಜಯಂತಿ ಅಂಗವಾಗಿ ಕರ್ನಾಟಕ ಸೇನಾಪಡೆ ಕಾರ್ಯಕರ್ತರು ಕಿವಿ, ಬಾಯಿ, ಕಣ್ಣು ಮುಚ್ಚಿಕೊಂಡು ಮೌನ ಪ್ರತಿಭಟನೆ ನಡೆಸಿದರು. ಕಾವೇರಿ ನೀರು ಹಂಚಿಕೆ ವಿಚಾರದಲ್ಲಿ ರಾಜ್ಯಕ್ಕೆ ಅನ್ಯಾಯವಾಗುತ್ತಿದೆ ಎಂದು ಆರೋಪಿಸಿ ಜಿಲ್ಲಾಡಳಿತ ಭವನದ ಮುಂದೆ ಪ್ರತಿಭಟನೆ ನಡೆಸಲಾಯಿತು. ಸಂಘಟನೆಯ ಪದಾಧಿಕಾರಿಗಳು ಪಾಲ್ಗೊಂಡಿದ್ದರು.
ಚಾಮರಾಜನಗರ, ಅ.2- ಗಾಂಧಿ ಜಯಂತಿ ಅಂಗವಾಗಿ ಕರ್ನಾಟಕ ಸೇನಾಪಡೆ ಕಾರ್ಯಕರ್ತರು ಕಿವಿ, ಬಾಯಿ, ಕಣ್ಣು ಮುಚ್ಚಿಕೊಂಡು ಮೌನ ಪ್ರತಿಭಟನೆ ನಡೆಸಿದರು. ಕಾವೇರಿ ನೀರು ಹಂಚಿಕೆ ವಿಚಾರದಲ್ಲಿ ರಾಜ್ಯಕ್ಕೆ ಅನ್ಯಾಯವಾಗುತ್ತಿದೆ ಎಂದು ಆರೋಪಿಸಿ ಜಿಲ್ಲಾಡಳಿತ ಭವನದ ಮುಂದೆ ಪ್ರತಿಭಟನೆ ನಡೆಸಲಾಯಿತು. ಸಂಘಟನೆಯ ಪದಾಧಿಕಾರಿಗಳು ಪಾಲ್ಗೊಂಡಿದ್ದರು.
